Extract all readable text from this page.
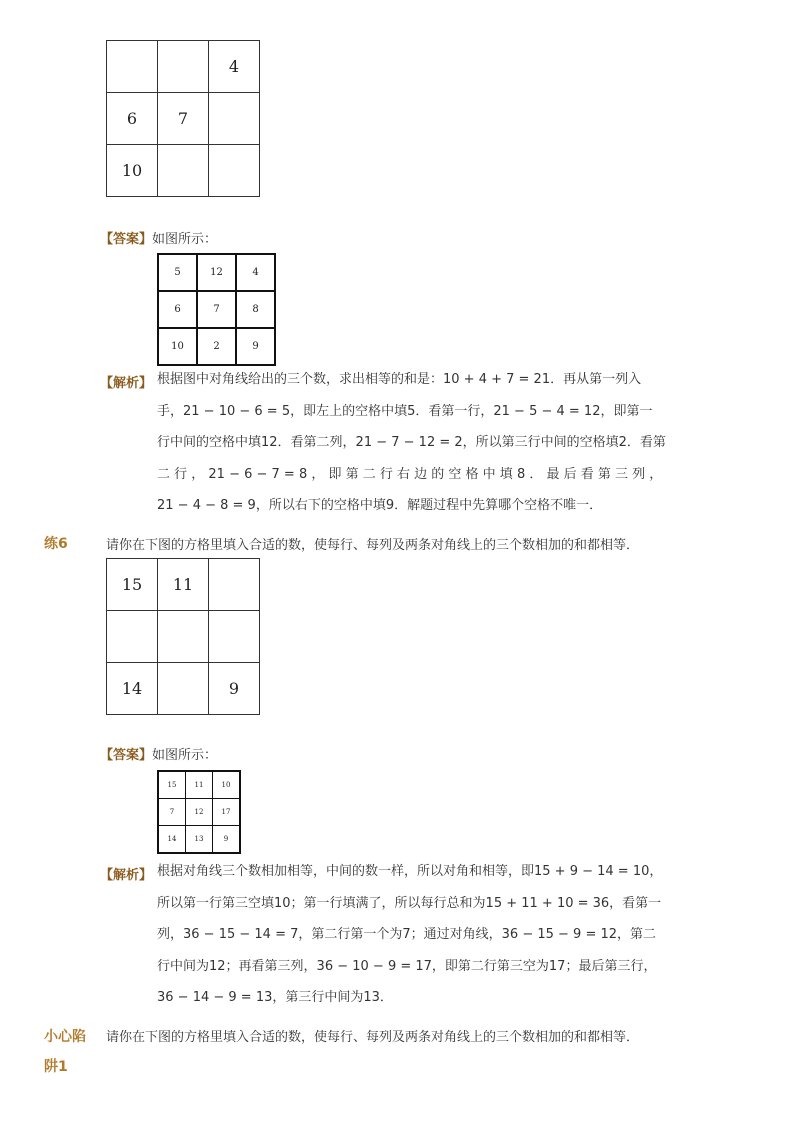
		4
6	7	
10		
【答案】如图所示：
5	12	4
6	7	8
10	2	9
【解析】 根据图中对角线给出的三个数，求出相等的和是：10 + 4 + 7 = 21．再从第一列入
手，21 − 10 − 6 = 5，即左上的空格中填5．看第一行，21 − 5 − 4 = 12，即第一
行中间的空格中填12．看第二列，21 − 7 − 12 = 2，所以第三行中间的空格填2．看第
二 行 ， 21 − 6 − 7 = 8 ， 即 第 二 行 右 边 的 空 格 中 填 8 ． 最 后 看 第 三 列 ，
21 − 4 − 8 = 9，所以右下的空格中填9．解题过程中先算哪个空格不唯一．
练6	请你在下图的方格里填入合适的数，使每行、每列及两条对角线上的三个数相加的和都相等．
15	11	

14		9
【答案】如图所示：
15	11	10
7	12	17
14	13	9
【解析】 根据对角线三个数相加相等，中间的数一样，所以对角和相等，即15 + 9 − 14 = 10，
所以第一行第三空填10；第一行填满了，所以每行总和为15 + 11 + 10 = 36，看第一
列，36 − 15 − 14 = 7，第二行第一个为7；通过对角线，36 − 15 − 9 = 12，第二
行中间为12；再看第三列，36 − 10 − 9 = 17，即第二行第三空为17；最后第三行，
36 − 14 − 9 = 13，第三行中间为13．
小心陷
阱1
请你在下图的方格里填入合适的数，使每行、每列及两条对角线上的三个数相加的和都相等．
